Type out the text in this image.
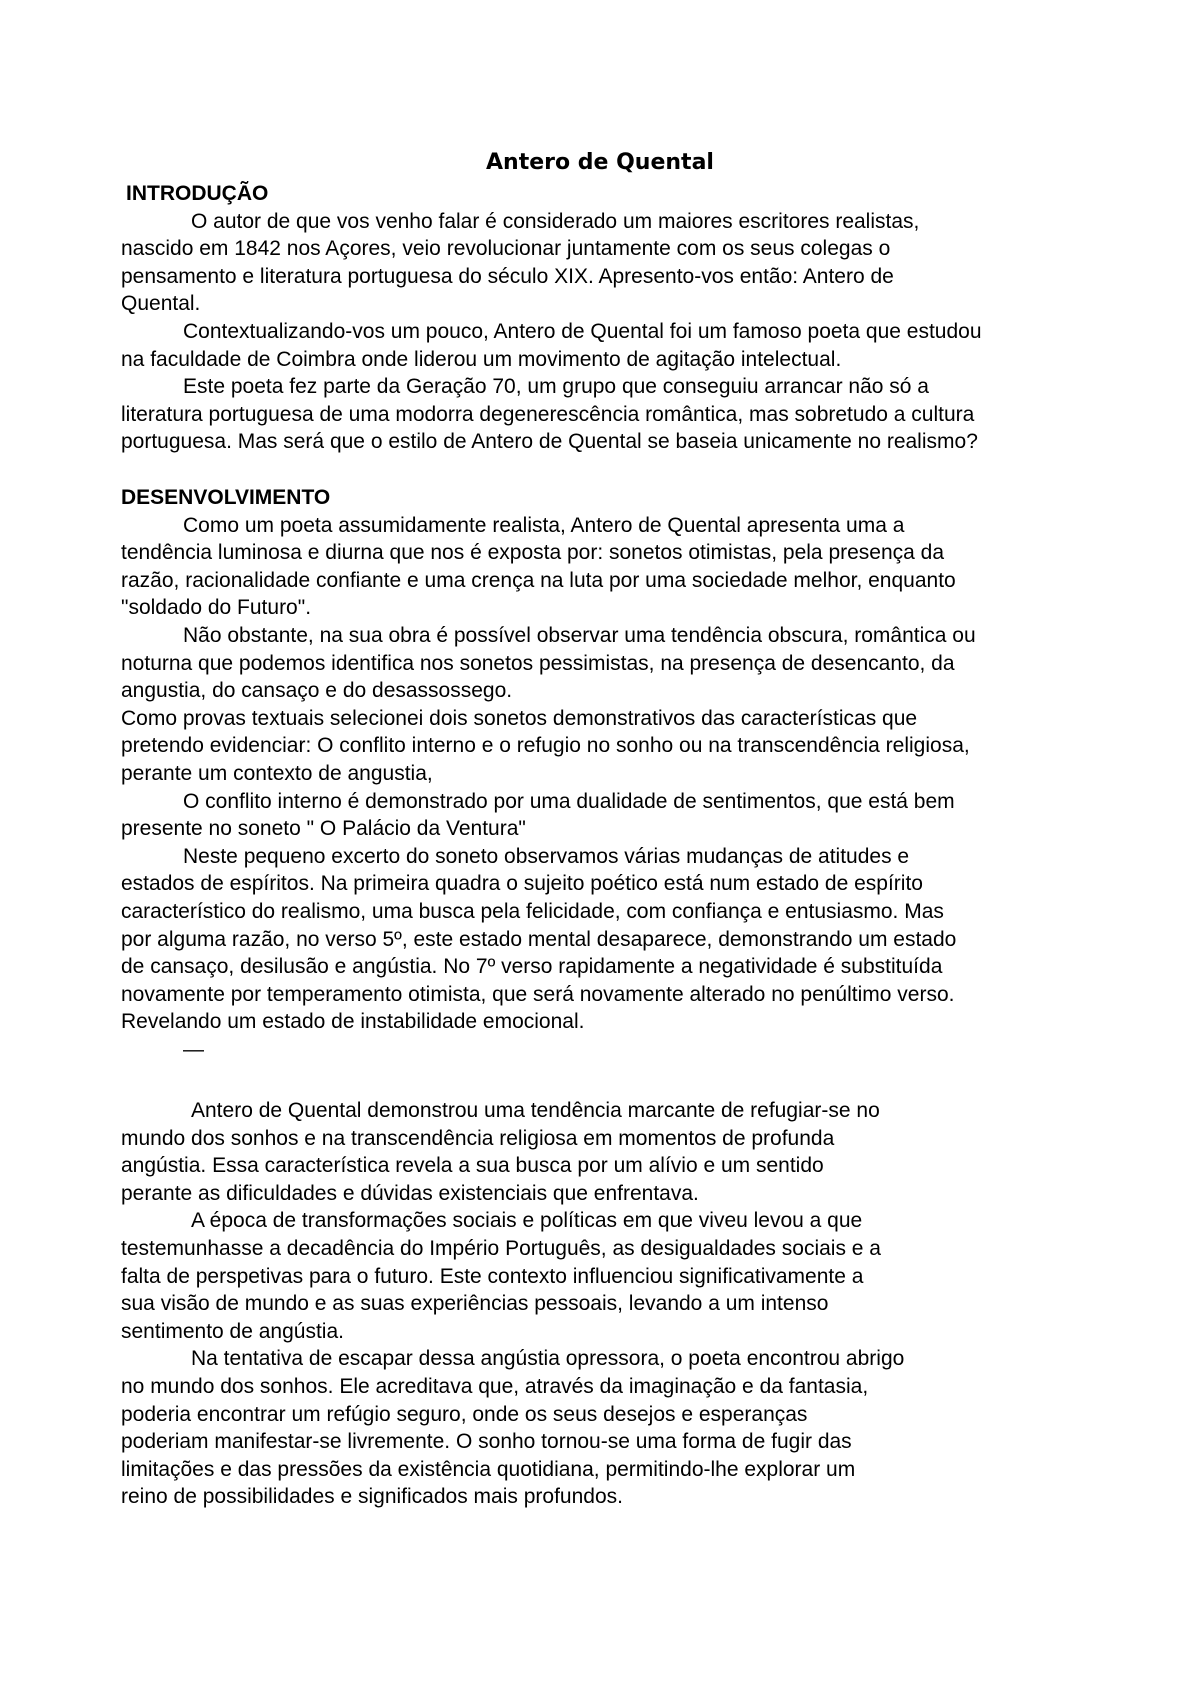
Antero de Quental
INTRODUÇÃO
O autor de que vos venho falar é considerado um maiores escritores realistas,
nascido em 1842 nos Açores, veio revolucionar juntamente com os seus colegas o
pensamento e literatura portuguesa do século XIX. Apresento-vos então: Antero de
Quental.
Contextualizando-vos um pouco, Antero de Quental foi um famoso poeta que estudou
na faculdade de Coimbra onde liderou um movimento de agitação intelectual.
Este poeta fez parte da Geração 70, um grupo que conseguiu arrancar não só a
literatura portuguesa de uma modorra degenerescência romântica, mas sobretudo a cultura
portuguesa. Mas será que o estilo de Antero de Quental se baseia unicamente no realismo?
DESENVOLVIMENTO
Como um poeta assumidamente realista, Antero de Quental apresenta uma a
tendência luminosa e diurna que nos é exposta por: sonetos otimistas, pela presença da
razão, racionalidade confiante e uma crença na luta por uma sociedade melhor, enquanto
"soldado do Futuro".
Não obstante, na sua obra é possível observar uma tendência obscura, romântica ou
noturna que podemos identifica nos sonetos pessimistas, na presença de desencanto, da
angustia, do cansaço e do desassossego.
Como provas textuais selecionei dois sonetos demonstrativos das características que
pretendo evidenciar: O conflito interno e o refugio no sonho ou na transcendência religiosa,
perante um contexto de angustia,
O conflito interno é demonstrado por uma dualidade de sentimentos, que está bem
presente no soneto " O Palácio da Ventura"
Neste pequeno excerto do soneto observamos várias mudanças de atitudes e
estados de espíritos. Na primeira quadra o sujeito poético está num estado de espírito
característico do realismo, uma busca pela felicidade, com confiança e entusiasmo. Mas
por alguma razão, no verso 5º, este estado mental desaparece, demonstrando um estado
de cansaço, desilusão e angústia. No 7º verso rapidamente a negatividade é substituída
novamente por temperamento otimista, que será novamente alterado no penúltimo verso.
Revelando um estado de instabilidade emocional.
—
Antero de Quental demonstrou uma tendência marcante de refugiar-se no
mundo dos sonhos e na transcendência religiosa em momentos de profunda
angústia. Essa característica revela a sua busca por um alívio e um sentido
perante as dificuldades e dúvidas existenciais que enfrentava.
A época de transformações sociais e políticas em que viveu levou a que
testemunhasse a decadência do Império Português, as desigualdades sociais e a
falta de perspetivas para o futuro. Este contexto influenciou significativamente a
sua visão de mundo e as suas experiências pessoais, levando a um intenso
sentimento de angústia.
Na tentativa de escapar dessa angústia opressora, o poeta encontrou abrigo
no mundo dos sonhos. Ele acreditava que, através da imaginação e da fantasia,
poderia encontrar um refúgio seguro, onde os seus desejos e esperanças
poderiam manifestar-se livremente. O sonho tornou-se uma forma de fugir das
limitações e das pressões da existência quotidiana, permitindo-lhe explorar um
reino de possibilidades e significados mais profundos.
